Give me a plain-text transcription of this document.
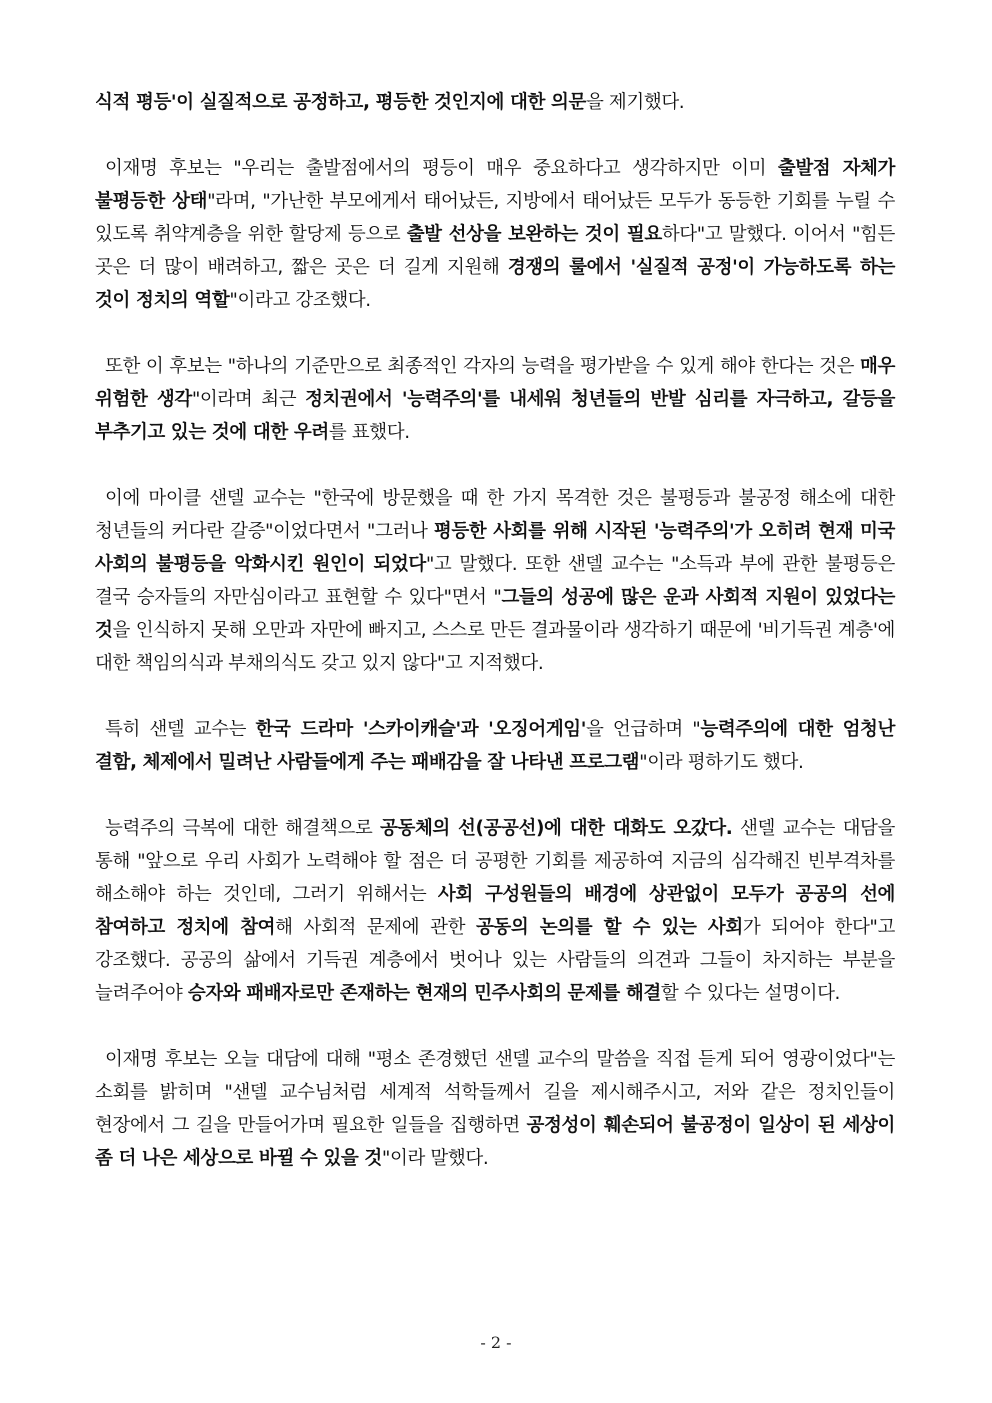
식적 평등'이 실질적으로 공정하고, 평등한 것인지에 대한 의문을 제기했다.

이재명 후보는 "우리는 출발점에서의 평등이 매우 중요하다고 생각하지만 이미 출발점 자체가 불평등한 상태"라며, "가난한 부모에게서 태어났든, 지방에서 태어났든 모두가 동등한 기회를 누릴 수 있도록 취약계층을 위한 할당제 등으로 출발 선상을 보완하는 것이 필요하다"고 말했다. 이어서 "힘든 곳은 더 많이 배려하고, 짧은 곳은 더 길게 지원해 경쟁의 룰에서 '실질적 공정'이 가능하도록 하는 것이 정치의 역할"이라고 강조했다.

또한 이 후보는 "하나의 기준만으로 최종적인 각자의 능력을 평가받을 수 있게 해야 한다는 것은 매우 위험한 생각"이라며 최근 정치권에서 '능력주의'를 내세워 청년들의 반발 심리를 자극하고, 갈등을 부추기고 있는 것에 대한 우려를 표했다.

이에 마이클 샌델 교수는 "한국에 방문했을 때 한 가지 목격한 것은 불평등과 불공정 해소에 대한 청년들의 커다란 갈증"이었다면서 "그러나 평등한 사회를 위해 시작된 '능력주의'가 오히려 현재 미국 사회의 불평등을 악화시킨 원인이 되었다"고 말했다. 또한 샌델 교수는 "소득과 부에 관한 불평등은 결국 승자들의 자만심이라고 표현할 수 있다"면서 "그들의 성공에 많은 운과 사회적 지원이 있었다는 것을 인식하지 못해 오만과 자만에 빠지고, 스스로 만든 결과물이라 생각하기 때문에 '비기득권 계층'에 대한 책임의식과 부채의식도 갖고 있지 않다"고 지적했다.

특히 샌델 교수는 한국 드라마 '스카이캐슬'과 '오징어게임'을 언급하며 "능력주의에 대한 엄청난 결함, 체제에서 밀려난 사람들에게 주는 패배감을 잘 나타낸 프로그램"이라 평하기도 했다.

능력주의 극복에 대한 해결책으로 공동체의 선(공공선)에 대한 대화도 오갔다. 샌델 교수는 대담을 통해 "앞으로 우리 사회가 노력해야 할 점은 더 공평한 기회를 제공하여 지금의 심각해진 빈부격차를 해소해야 하는 것인데, 그러기 위해서는 사회 구성원들의 배경에 상관없이 모두가 공공의 선에 참여하고 정치에 참여해 사회적 문제에 관한 공동의 논의를 할 수 있는 사회가 되어야 한다"고 강조했다. 공공의 삶에서 기득권 계층에서 벗어나 있는 사람들의 의견과 그들이 차지하는 부분을 늘려주어야 승자와 패배자로만 존재하는 현재의 민주사회의 문제를 해결할 수 있다는 설명이다.

이재명 후보는 오늘 대담에 대해 "평소 존경했던 샌델 교수의 말씀을 직접 듣게 되어 영광이었다"는 소회를 밝히며 "샌델 교수님처럼 세계적 석학들께서 길을 제시해주시고, 저와 같은 정치인들이 현장에서 그 길을 만들어가며 필요한 일들을 집행하면 공정성이 훼손되어 불공정이 일상이 된 세상이 좀 더 나은 세상으로 바뀔 수 있을 것"이라 말했다.

- 2 -
